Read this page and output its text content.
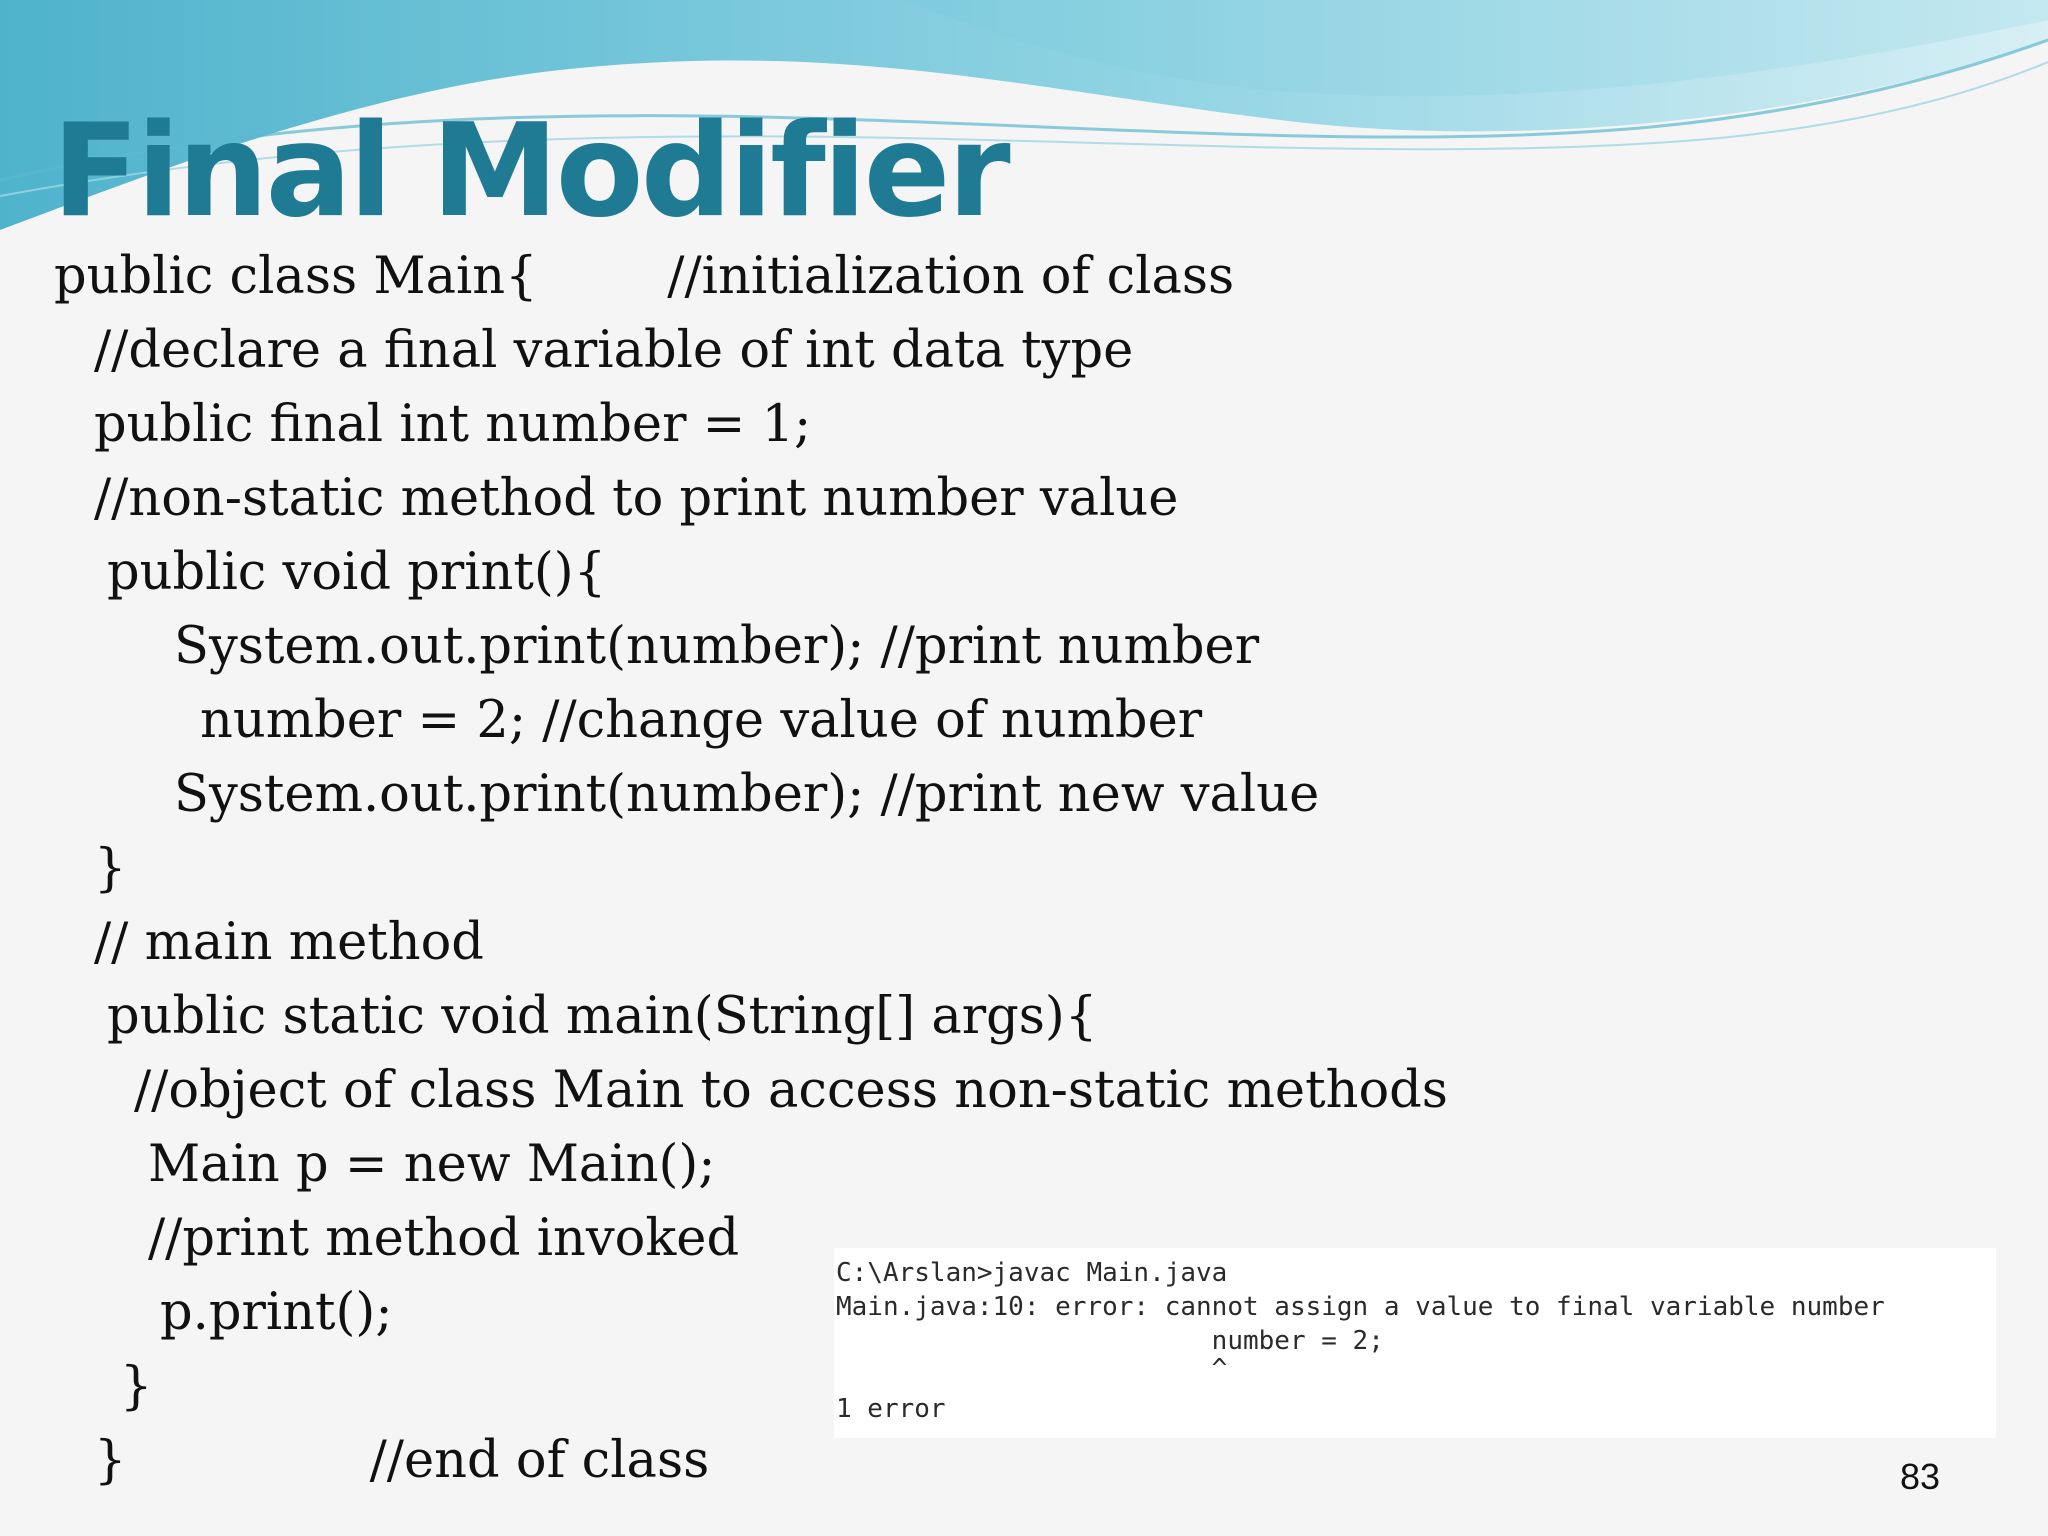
Final Modifier
public class Main{        //initialization of class
//declare a final variable of int data type
public final int number = 1;
//non-static method to print number value
public void print(){
System.out.print(number); //print number
number = 2; //change value of number
System.out.print(number); //print new value
}
// main method
public static void main(String[] args){
//object of class Main to access non-static methods
Main p = new Main();
//print method invoked
p.print();
}
}               //end of class
C:\Arslan>javac Main.java
Main.java:10: error: cannot assign a value to final variable number
number = 2;
^
1 error
83
